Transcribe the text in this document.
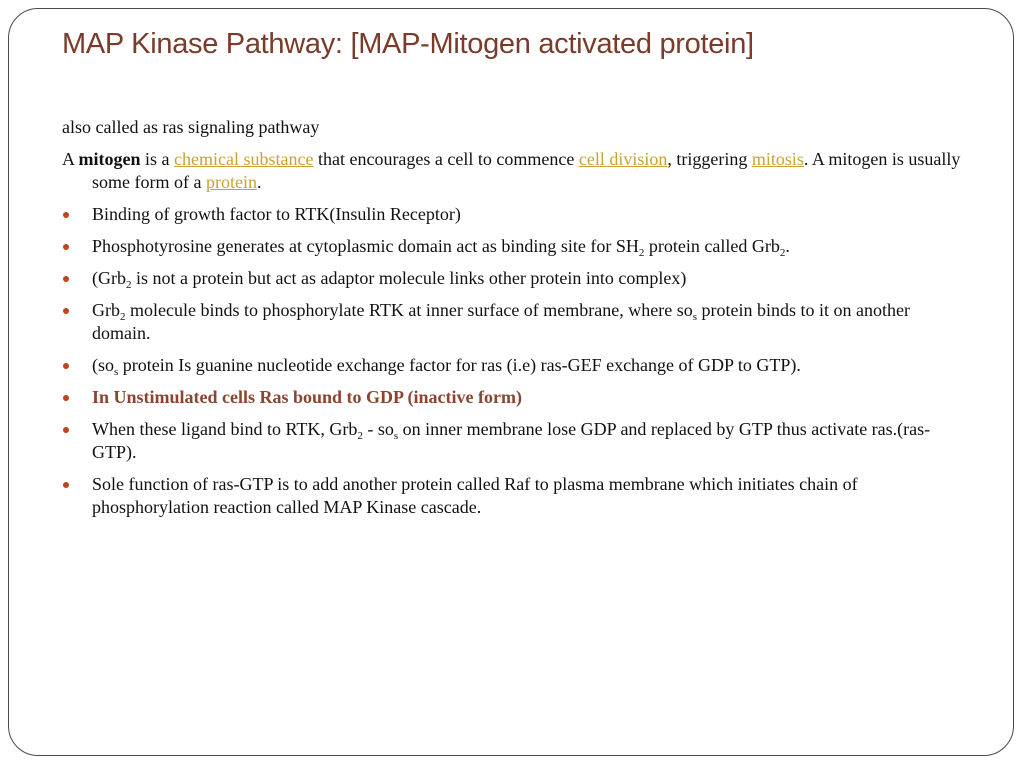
MAP Kinase Pathway: [MAP-Mitogen activated protein]

also called as ras signaling pathway

A mitogen is a chemical substance that encourages a cell to commence cell division, triggering mitosis. A mitogen is usually some form of a protein.

Binding of growth factor to RTK(Insulin Receptor)
Phosphotyrosine generates at cytoplasmic domain act as binding site for $SH_2$ protein called Grb$_2$.
(Grb$_2$ is not a protein but act as adaptor molecule links other protein into complex)
Grb$_2$ molecule binds to phosphorylate RTK at inner surface of membrane, where $so_s$ protein binds to it on another domain.
($so_s$ protein Is guanine nucleotide exchange factor for ras (i.e) ras-GEF exchange of GDP to GTP).
In Unstimulated cells Ras bound to GDP (inactive form)
When these ligand bind to RTK, $Grb_2 - so_s$ on inner membrane lose GDP and replaced by GTP thus activate ras.(ras- GTP).
Sole function of ras-GTP is to add another protein called Raf to plasma membrane which initiates chain of phosphorylation reaction called MAP Kinase cascade.
